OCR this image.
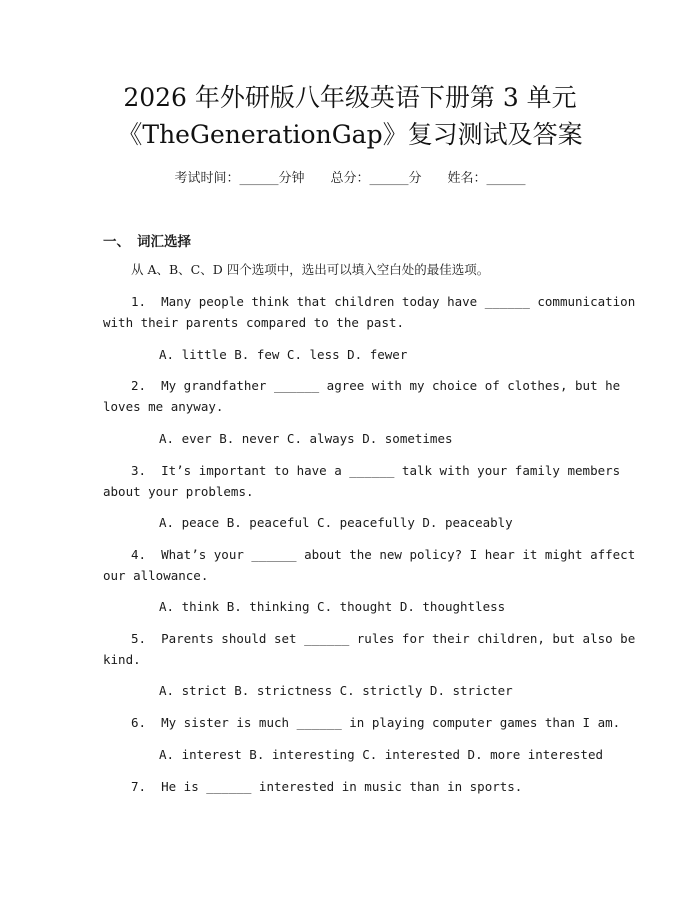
2026 年外研版八年级英语下册第 3 单元
《TheGenerationGap》复习测试及答案
考试时间：______分钟 总分：______分 姓名：______
一、 词汇选择
从 A、B、C、D 四个选项中，选出可以填入空白处的最佳选项。
1.  Many people think that children today have ______ communication
with their parents compared to the past.
A. little B. few C. less D. fewer
2.  My grandfather ______ agree with my choice of clothes, but he
loves me anyway.
A. ever B. never C. always D. sometimes
3.  It’s important to have a ______ talk with your family members
about your problems.
A. peace B. peaceful C. peacefully D. peaceably
4.  What’s your ______ about the new policy? I hear it might affect
our allowance.
A. think B. thinking C. thought D. thoughtless
5.  Parents should set ______ rules for their children, but also be
kind.
A. strict B. strictness C. strictly D. stricter
6.  My sister is much ______ in playing computer games than I am.
A. interest B. interesting C. interested D. more interested
7.  He is ______ interested in music than in sports.
